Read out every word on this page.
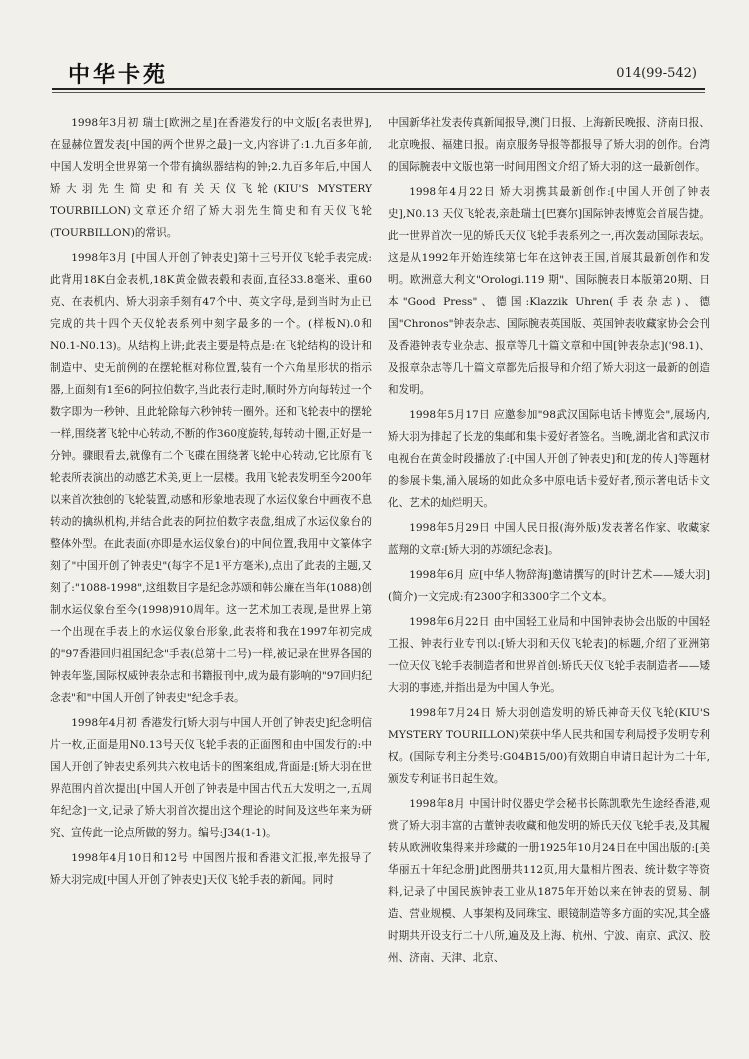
中华卡苑	014(99-542)

1998年3月初 瑞士[欧洲之星]在香港发行的中文版[名表世界],在显赫位置发表[中国的两个世界之最]一文,内容讲了:1.九百多年前,中国人发明全世界第一个带有擒纵器结构的钟;2.九百多年后,中国人矫大羽先生简史和有关天仪飞轮(KIU'S MYSTERY TOURBILLON)文章还介绍了矫大羽先生简史和有天仪飞轮(TOURBILLON)的常识。

1998年3月 [中国人开创了钟表史]第十三号开仪飞轮手表完成:此背用18K白金表机,18K黄金做表毂和表面,直径33.8毫米、重60克、在表机内、矫大羽亲手刻有47个中、英文字母,是到当时为止已完成的共十四个天仪轮表系列中刻字最多的一个。(样板N).0和N0.1-N0.13)。从结构上讲;此表主要是特点是:在飞轮结构的设计和制造中、史无前例的在摆轮框对称位置,装有一个六角星形状的指示器,上面刻有1至6的阿拉伯数字,当此表行走时,顺时外方向每转过一个数字即为一秒钟、且此轮除每六秒钟转一圈外。还和飞轮表中的摆轮一样,围绕著飞轮中心转动,不断的作360度旋转,每转动十圈,正好是一分钟。骤眼看去,就像有二个飞碟在围绕著飞轮中心转动,它比原有飞轮表所表演出的动感艺术美,更上一层楼。我用飞轮表发明至今200年以来首次独创的飞轮装置,动感和形象地表现了水运仪象台中画夜不息转动的擒纵机构,并结合此表的阿拉伯数字表盘,组成了水运仪象台的整体外型。在此表面(亦即是水运仪象台)的中间位置,我用中文篆体字刻了"中国开创了钟表史"(每字不足1平方毫米),点出了此表的主题,又刻了:"1088-1998",这组数目字是纪念苏颂和韩公廉在当年(1088)创制水运仪象台至今(1998)910周年。这一艺术加工表现,是世界上第一个出现在手表上的水运仪象台形象,此表将和我在1997年初完成的"97香港回归祖国纪念"手表(总第十二号)一样,被记录在世界各国的钟表年鉴,国际权威钟表杂志和书籍报刊中,成为最有影响的"97回归纪念表"和"中国人开创了钟表史"纪念手表。

1998年4月初 香港发行[矫大羽与中国人开创了钟表史]纪念明信片一枚,正面是用N0.13号天仪飞轮手表的正面图和由中国发行的:中国人开创了钟表史系列共六枚电话卡的图案组成,背面是:[矫大羽在世界范围内首次提出[中国人开创了钟表是中国古代五大发明之一,五周年纪念]一文,记录了矫大羽首次提出这个理论的时间及这些年来为研究、宣传此一论点所做的努力。编号:J34(1-1)。

1998年4月10日和12号 中国图片报和香港文汇报,率先报导了矫大羽完成[中国人开创了钟表史]天仪飞轮手表的新闻。同时

中国新华社发表传真新闻报导,澳门日报、上海新民晚报、济南日报、北京晚报、福建日报。南京服务导报等都报导了矫大羽的创作。台湾的国际腕表中文版也第一时间用图文介绍了矫大羽的这一最新创作。

1998年4月22日 矫大羽携其最新创作:[中国人开创了钟表史],N0.13 天仪飞轮表,亲赴瑞士[巴赛尔]国际钟表博览会首展告捷。此一世界首次一见的矫氏天仪飞轮手表系列之一,再次轰动国际表坛。这是从1992年开始连续第七年在这钟表王国,首展其最新创作和发明。欧洲意大利文"Orologi.119 期"、国际腕表日本版第20期、日本"Good Press"、德国:Klazzik Uhren(手表杂志)、德国"Chronos"钟表杂志、国际腕表英国版、英国钟表收藏家协会会刊及香港钟表专业杂志、报章等几十篇文章和中国[钟表杂志]('98.1)、及报章杂志等几十篇文章都先后报导和介绍了矫大羽这一最新的创造和发明。

1998年5月17日 应邀参加"98武汉国际电话卡博览会",展场内,矫大羽为排起了长龙的集邮和集卡爱好者签名。当晚,湖北省和武汉市电视台在黄金时段播放了:[中国人开创了钟表史]和[龙的传人]等题材的参展卡集,涌入展场的如此众多中原电话卡爱好者,预示著电话卡文化、艺术的灿烂明天。

1998年5月29日 中国人民日报(海外版)发表著名作家、收藏家蓝翔的文章:[矫大羽的苏颂纪念表]。

1998年6月 应[中华人物辞海]邀请撰写的[时计艺术——矮大羽](简介)一文完成:有2300字和3300字二个文本。

1998年6月22日 由中国轻工业局和中国钟表协会出版的中国轻工报、钟表行业专刊以:[矫大羽和天仪飞轮表]的标题,介绍了亚洲第一位天仪飞轮手表制造者和世界首创:矫氏天仪飞轮手表制造者——矮大羽的事迹,并指出是为中国人争光。

1998年7月24日 矫大羽创造发明的矫氏神奇天仪飞轮(KIU'S MYSTERY TOURILLON)荣获中华人民共和国专利局授予发明专利权。(国际专利主分类号:G04B15/00)有效期自申请日起计为二十年,颁发专利证书日起生效。

1998年8月 中国计时仪器史学会秘书长陈凯歌先生途经香港,观赏了矫大羽丰富的古董钟表收藏和他发明的矫氏天仪飞轮手表,及其履转从欧洲收集得来并珍藏的一册1925年10月24日在中国出版的:[美华丽五十年纪念册]此图册共112页,用大量相片图表、统计数字等资料,记录了中国民族钟表工业从1875年开始以来在钟表的贸易、制造、营业规模、人事架构及同珠宝、眼镜制造等多方面的实况,其全盛时期共开设支行二十八所,遍及及上海、杭州、宁波、南京、武汉、胶州、济南、天津、北京、
